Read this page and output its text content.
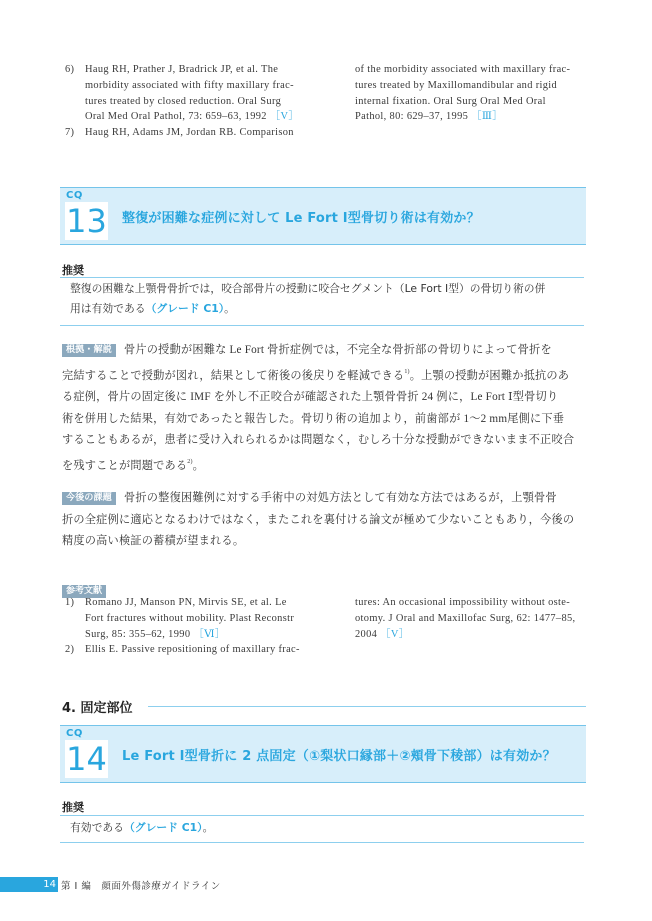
6) Haug RH, Prather J, Bradrick JP, et al. The
morbidity associated with fifty maxillary frac-
tures treated by closed reduction. Oral Surg
Oral Med Oral Pathol, 73: 659–63, 1992 ［V］
7) Haug RH, Adams JM, Jordan RB. Comparison
of the morbidity associated with maxillary frac-
tures treated by Maxillomandibular and rigid
internal fixation. Oral Surg Oral Med Oral
Pathol, 80: 629–37, 1995 ［Ⅲ］
CQ
13 整復が困難な症例に対して Le Fort Ⅰ型骨切り術は有効か？
推奨
整復の困難な上顎骨骨折では，咬合部骨片の授動に咬合セグメント（Le Fort Ⅰ型）の骨切り術の併
用は有効である（グレード C1）。
根拠・解説 骨片の授動が困難な Le Fort 骨折症例では，不完全な骨折部の骨切りによって骨折を
完結することで授動が図れ，結果として術後の後戻りを軽減できる$^{1)}$。上顎の授動が困難か抵抗のあ
る症例，骨片の固定後に IMF を外し不正咬合が確認された上顎骨骨折 24 例に，Le Fort Ⅰ型骨切り
術を併用した結果，有効であったと報告した。骨切り術の追加より，前歯部が 1～2 mm尾側に下垂
することもあるが，患者に受け入れられるかは問題なく，むしろ十分な授動ができないまま不正咬合
を残すことが問題である$^{2)}$。
今後の課題 骨折の整復困難例に対する手術中の対処方法として有効な方法ではあるが，上顎骨骨
折の全症例に適応となるわけではなく，またこれを裏付ける論文が極めて少ないこともあり，今後の
精度の高い検証の蓄積が望まれる。
参考文献
1) Romano JJ, Manson PN, Mirvis SE, et al. Le
Fort fractures without mobility. Plast Reconstr
Surg, 85: 355–62, 1990 ［Ⅵ］
2) Ellis E. Passive repositioning of maxillary frac-
tures: An occasional impossibility without oste-
otomy. J Oral and Maxillofac Surg, 62: 1477–85,
2004 ［V］
4. 固定部位
CQ
14 Le Fort Ⅰ型骨折に 2 点固定（①梨状口縁部＋②頬骨下稜部）は有効か？
推奨
有効である（グレード C1）。
14 第 I 編　顔面外傷診療ガイドライン
